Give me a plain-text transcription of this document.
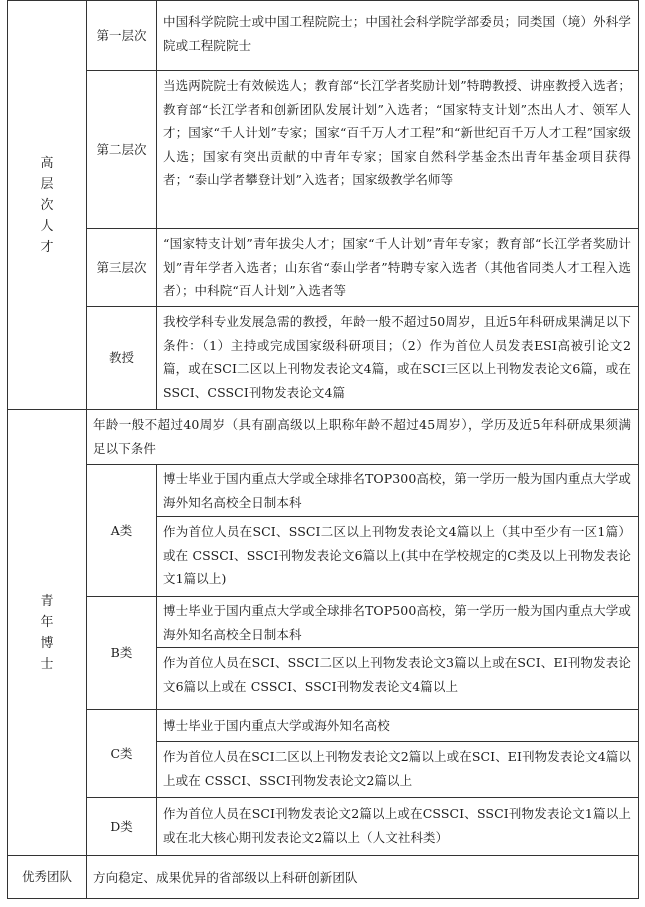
高
层
次
人
才
第一层次
中国科学院院士或中国工程院院士；中国社会科学院学部委员；同类国（境）外科学院或工程院院士
第二层次
当选两院院士有效候选人；教育部“长江学者奖励计划”特聘教授、讲座教授入选者；教育部“长江学者和创新团队发展计划”入选者；“国家特支计划”杰出人才、领军人才；国家“千人计划”专家；国家“百千万人才工程”和“新世纪百千万人才工程”国家级人选；国家有突出贡献的中青年专家；国家自然科学基金杰出青年基金项目获得者；“泰山学者攀登计划”入选者；国家级教学名师等
第三层次
“国家特支计划”青年拔尖人才；国家“千人计划”青年专家；教育部“长江学者奖励计划”青年学者入选者；山东省“泰山学者”特聘专家入选者（其他省同类人才工程入选者）；中科院“百人计划”入选者等
教授
我校学科专业发展急需的教授，年龄一般不超过50周岁，且近5年科研成果满足以下条件：（1）主持或完成国家级科研项目；（2）作为首位人员发表ESI高被引论文2篇，或在SCI二区以上刊物发表论文4篇，或在SCI三区以上刊物发表论文6篇，或在SSCI、CSSCI刊物发表论文4篇
青
年
博
士
年龄一般不超过40周岁（具有副高级以上职称年龄不超过45周岁），学历及近5年科研成果须满足以下条件
A类
博士毕业于国内重点大学或全球排名TOP300高校，第一学历一般为国内重点大学或海外知名高校全日制本科
作为首位人员在SCI、SSCI二区以上刊物发表论文4篇以上（其中至少有一区1篇）或在 CSSCI、SSCI刊物发表论文6篇以上(其中在学校规定的C类及以上刊物发表论文1篇以上)
B类
博士毕业于国内重点大学或全球排名TOP500高校，第一学历一般为国内重点大学或海外知名高校全日制本科
作为首位人员在SCI、SSCI二区以上刊物发表论文3篇以上或在SCI、EI刊物发表论文6篇以上或在 CSSCI、SSCI刊物发表论文4篇以上
C类
博士毕业于国内重点大学或海外知名高校
作为首位人员在SCI二区以上刊物发表论文2篇以上或在SCI、EI刊物发表论文4篇以上或在 CSSCI、SSCI刊物发表论文2篇以上
D类
作为首位人员在SCI刊物发表论文2篇以上或在CSSCI、SSCI刊物发表论文1篇以上或在北大核心期刊发表论文2篇以上（人文社科类）
优秀团队	方向稳定、成果优异的省部级以上科研创新团队
